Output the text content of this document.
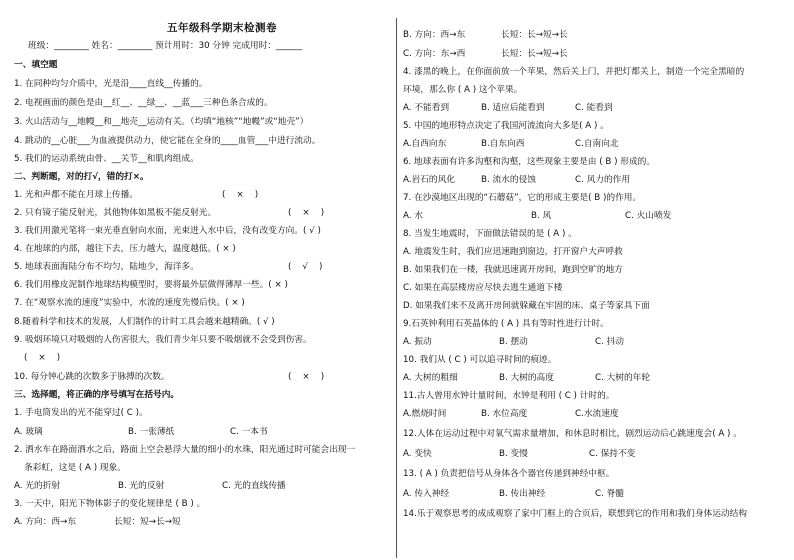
五年级科学期末检测卷
班级：________ 姓名：________ 预计用时：30 分钟 完成用时：______
一、填空题
1. 在同种均匀介质中，光是沿____直线__传播的。
2. 电视画面的颜色是由__红__、__绿__、__蓝___三种色条合成的。
3. 火山活动与__地幔__和__地壳__运动有关。（均填“地核”“地幔”或“地壳”）
4. 跳动的__心脏___为血液提供动力，使它能在全身的____血管___中进行流动。
5. 我们的运动系统由骨、__关节__和肌肉组成。
二、判断题，对的打√，错的打×。
1. 光和声都不能在月球上传播。	(    ×    )
2. 只有镜子能反射光，其他物体如黑板不能反射光。	(    ×    )
3. 我们用激光笔将一束光垂直射向水面，光束进入水中后，没有改变方向。( √ )
4. 在地球的内部，越往下去，压力越大，温度越低。( × )
5. 地球表面海陆分布不均匀，陆地少，海洋多。	(    √    )
6. 我们用橡皮泥制作地球结构模型时，要将最外层做得薄厚一些。( × )
7. 在“观察水流的速度”实验中，水流的速度先慢后快。( × )
8.随着科学和技术的发展，人们制作的计时工具会越来越精确。( √ )
9. 吸烟环境只对吸烟的人伤害很大，我们青少年只要不吸烟就不会受到伤害。
(    ×    )
10. 每分钟心跳的次数多于脉搏的次数。	(    ×    )
三、选择题，将正确的序号填写在括号内。
1. 手电筒发出的光不能穿过( C )。
A. 玻璃	B. 一张薄纸	C. 一本书
2. 洒水车在路面洒水之后，路面上空会悬浮大量的细小的水珠，阳光通过时可能会出现一
条彩虹，这是 ( A ) 现象。
A. 光的折射	B. 光的反射	C. 光的直线传播
3. 一天中，阳光下物体影子的变化规律是 ( B ) 。
A. 方向：西→东	长短：短→长→短
B. 方向：西→东	长短：长→短→长
C. 方向：东→西	长短：长→短→长
4. 漆黑的晚上，在你面前放一个苹果，然后关上门，并把灯都关上，制造一个完全黑暗的
环境，那么你 ( A ) 这个苹果。
A. 不能看到	B. 适应后能看到	C. 能看到
5. 中国的地形特点决定了我国河流流向大多是( A ) 。
A.自西向东	B.自东向西	C.自南向北
6. 地球表面有许多沟壑和沟壑，这些现象主要是由 ( B ) 形成的。
A.岩石的风化	B. 流水的侵蚀	C. 风力的作用
7. 在沙漠地区出现的“石蘑菇”，它的形成主要是( B )的作用。
A. 水	B. 风	C. 火山喷发
8. 当发生地震时，下面做法错误的是 ( A ) 。
A. 地震发生时，我们应迅速跑到窗边，打开窗户大声呼救
B. 如果我们在一楼，我就迅速离开房间，跑到空旷的地方
C. 如果在高层楼房应尽快去逃生通道下楼
D. 如果我们来不及离开房间就躲藏在牢固的床、桌子等家具下面
9.石英钟利用石英晶体的 ( A ) 具有等时性进行计时。
A. 振动	B. 摆动	C. 抖动
10. 我们从 ( C ) 可以追寻时间的痕迹。
A. 大树的粗细	B. 大树的高度	C. 大树的年轮
11.古人曾用水钟计量时间，水钟是利用 ( C ) 计时的。
A.燃烧时间	B. 水位高度	C.水流速度
12.人体在运动过程中对氧气需求量增加，和休息时相比，剧烈运动后心跳速度会( A ) 。
A. 变快	B. 变慢	C. 保持不变
13. ( A ) 负责把信号从身体各个器官传递到神经中枢。
A. 传入神经	B. 传出神经	C. 脊髓
14.乐于观察思考的成成观察了家中门框上的合页后，联想到它的作用和我们身体运动结构
